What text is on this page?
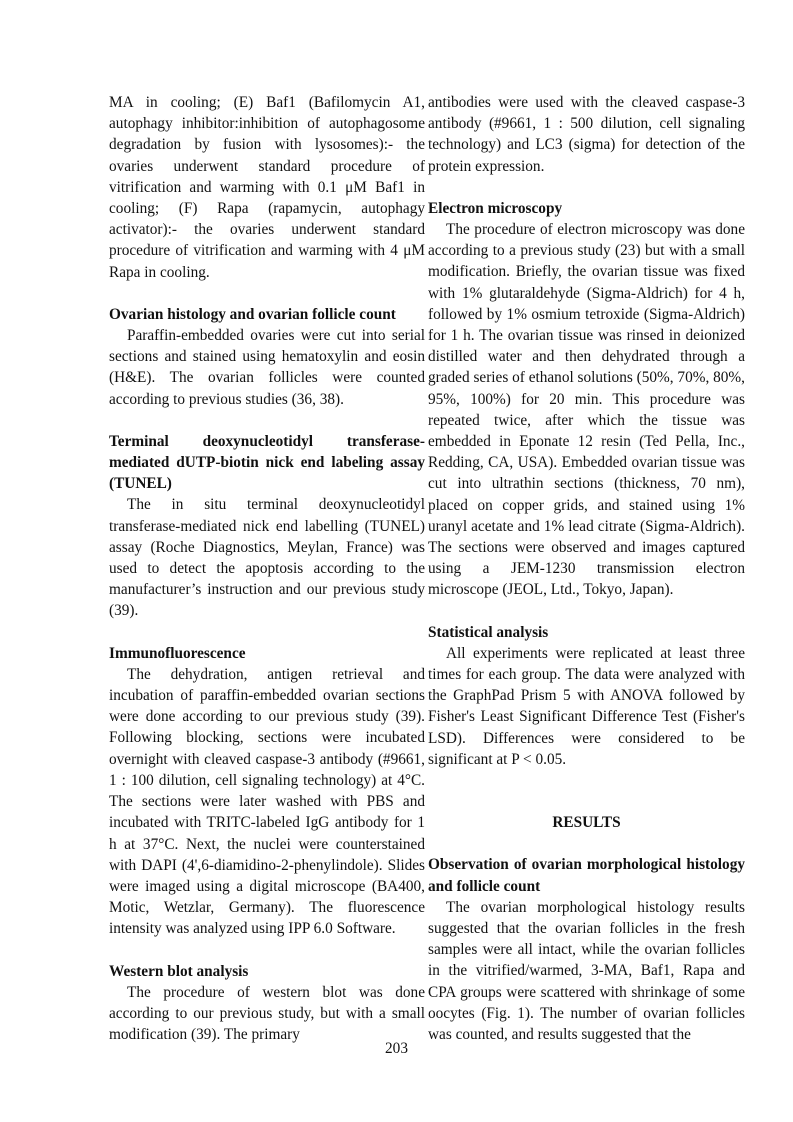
MA in cooling; (E) Baf1 (Bafilomycin A1, autophagy inhibitor:inhibition of autophagosome degradation by fusion with lysosomes):- the ovaries underwent standard procedure of vitrification and warming with 0.1 μM Baf1 in cooling; (F) Rapa (rapamycin, autophagy activator):- the ovaries underwent standard procedure of vitrification and warming with 4 μM Rapa in cooling.

Ovarian histology and ovarian follicle count

Paraffin-embedded ovaries were cut into serial sections and stained using hematoxylin and eosin (H&E). The ovarian follicles were counted according to previous studies (36, 38).

Terminal deoxynucleotidyl transferase-mediated dUTP-biotin nick end labeling assay (TUNEL)

The in situ terminal deoxynucleotidyl transferase-mediated nick end labelling (TUNEL) assay (Roche Diagnostics, Meylan, France) was used to detect the apoptosis according to the manufacturer’s instruction and our previous study (39).

Immunofluorescence

The dehydration, antigen retrieval and incubation of paraffin-embedded ovarian sections were done according to our previous study (39). Following blocking, sections were incubated overnight with cleaved caspase-3 antibody (#9661, 1 : 100 dilution, cell signaling technology) at 4°C. The sections were later washed with PBS and incubated with TRITC-labeled IgG antibody for 1 h at 37°C. Next, the nuclei were counterstained with DAPI (4',6-diamidino-2-phenylindole). Slides were imaged using a digital microscope (BA400, Motic, Wetzlar, Germany). The fluorescence intensity was analyzed using IPP 6.0 Software.

Western blot analysis

The procedure of western blot was done according to our previous study, but with a small modification (39). The primary

antibodies were used with the cleaved caspase-3 antibody (#9661, 1 : 500 dilution, cell signaling technology) and LC3 (sigma) for detection of the protein expression.

Electron microscopy

The procedure of electron microscopy was done according to a previous study (23) but with a small modification. Briefly, the ovarian tissue was fixed with 1% glutaraldehyde (Sigma-Aldrich) for 4 h, followed by 1% osmium tetroxide (Sigma-Aldrich) for 1 h. The ovarian tissue was rinsed in deionized distilled water and then dehydrated through a graded series of ethanol solutions (50%, 70%, 80%, 95%, 100%) for 20 min. This procedure was repeated twice, after which the tissue was embedded in Eponate 12 resin (Ted Pella, Inc., Redding, CA, USA). Embedded ovarian tissue was cut into ultrathin sections (thickness, 70 nm), placed on copper grids, and stained using 1% uranyl acetate and 1% lead citrate (Sigma-Aldrich). The sections were observed and images captured using a JEM-1230 transmission electron microscope (JEOL, Ltd., Tokyo, Japan).

Statistical analysis

All experiments were replicated at least three times for each group. The data were analyzed with the GraphPad Prism 5 with ANOVA followed by Fisher's Least Significant Difference Test (Fisher's LSD). Differences were considered to be significant at P < 0.05.

RESULTS

Observation of ovarian morphological histology and follicle count

The ovarian morphological histology results suggested that the ovarian follicles in the fresh samples were all intact, while the ovarian follicles in the vitrified/warmed, 3-MA, Baf1, Rapa and CPA groups were scattered with shrinkage of some oocytes (Fig. 1). The number of ovarian follicles was counted, and results suggested that the

203
